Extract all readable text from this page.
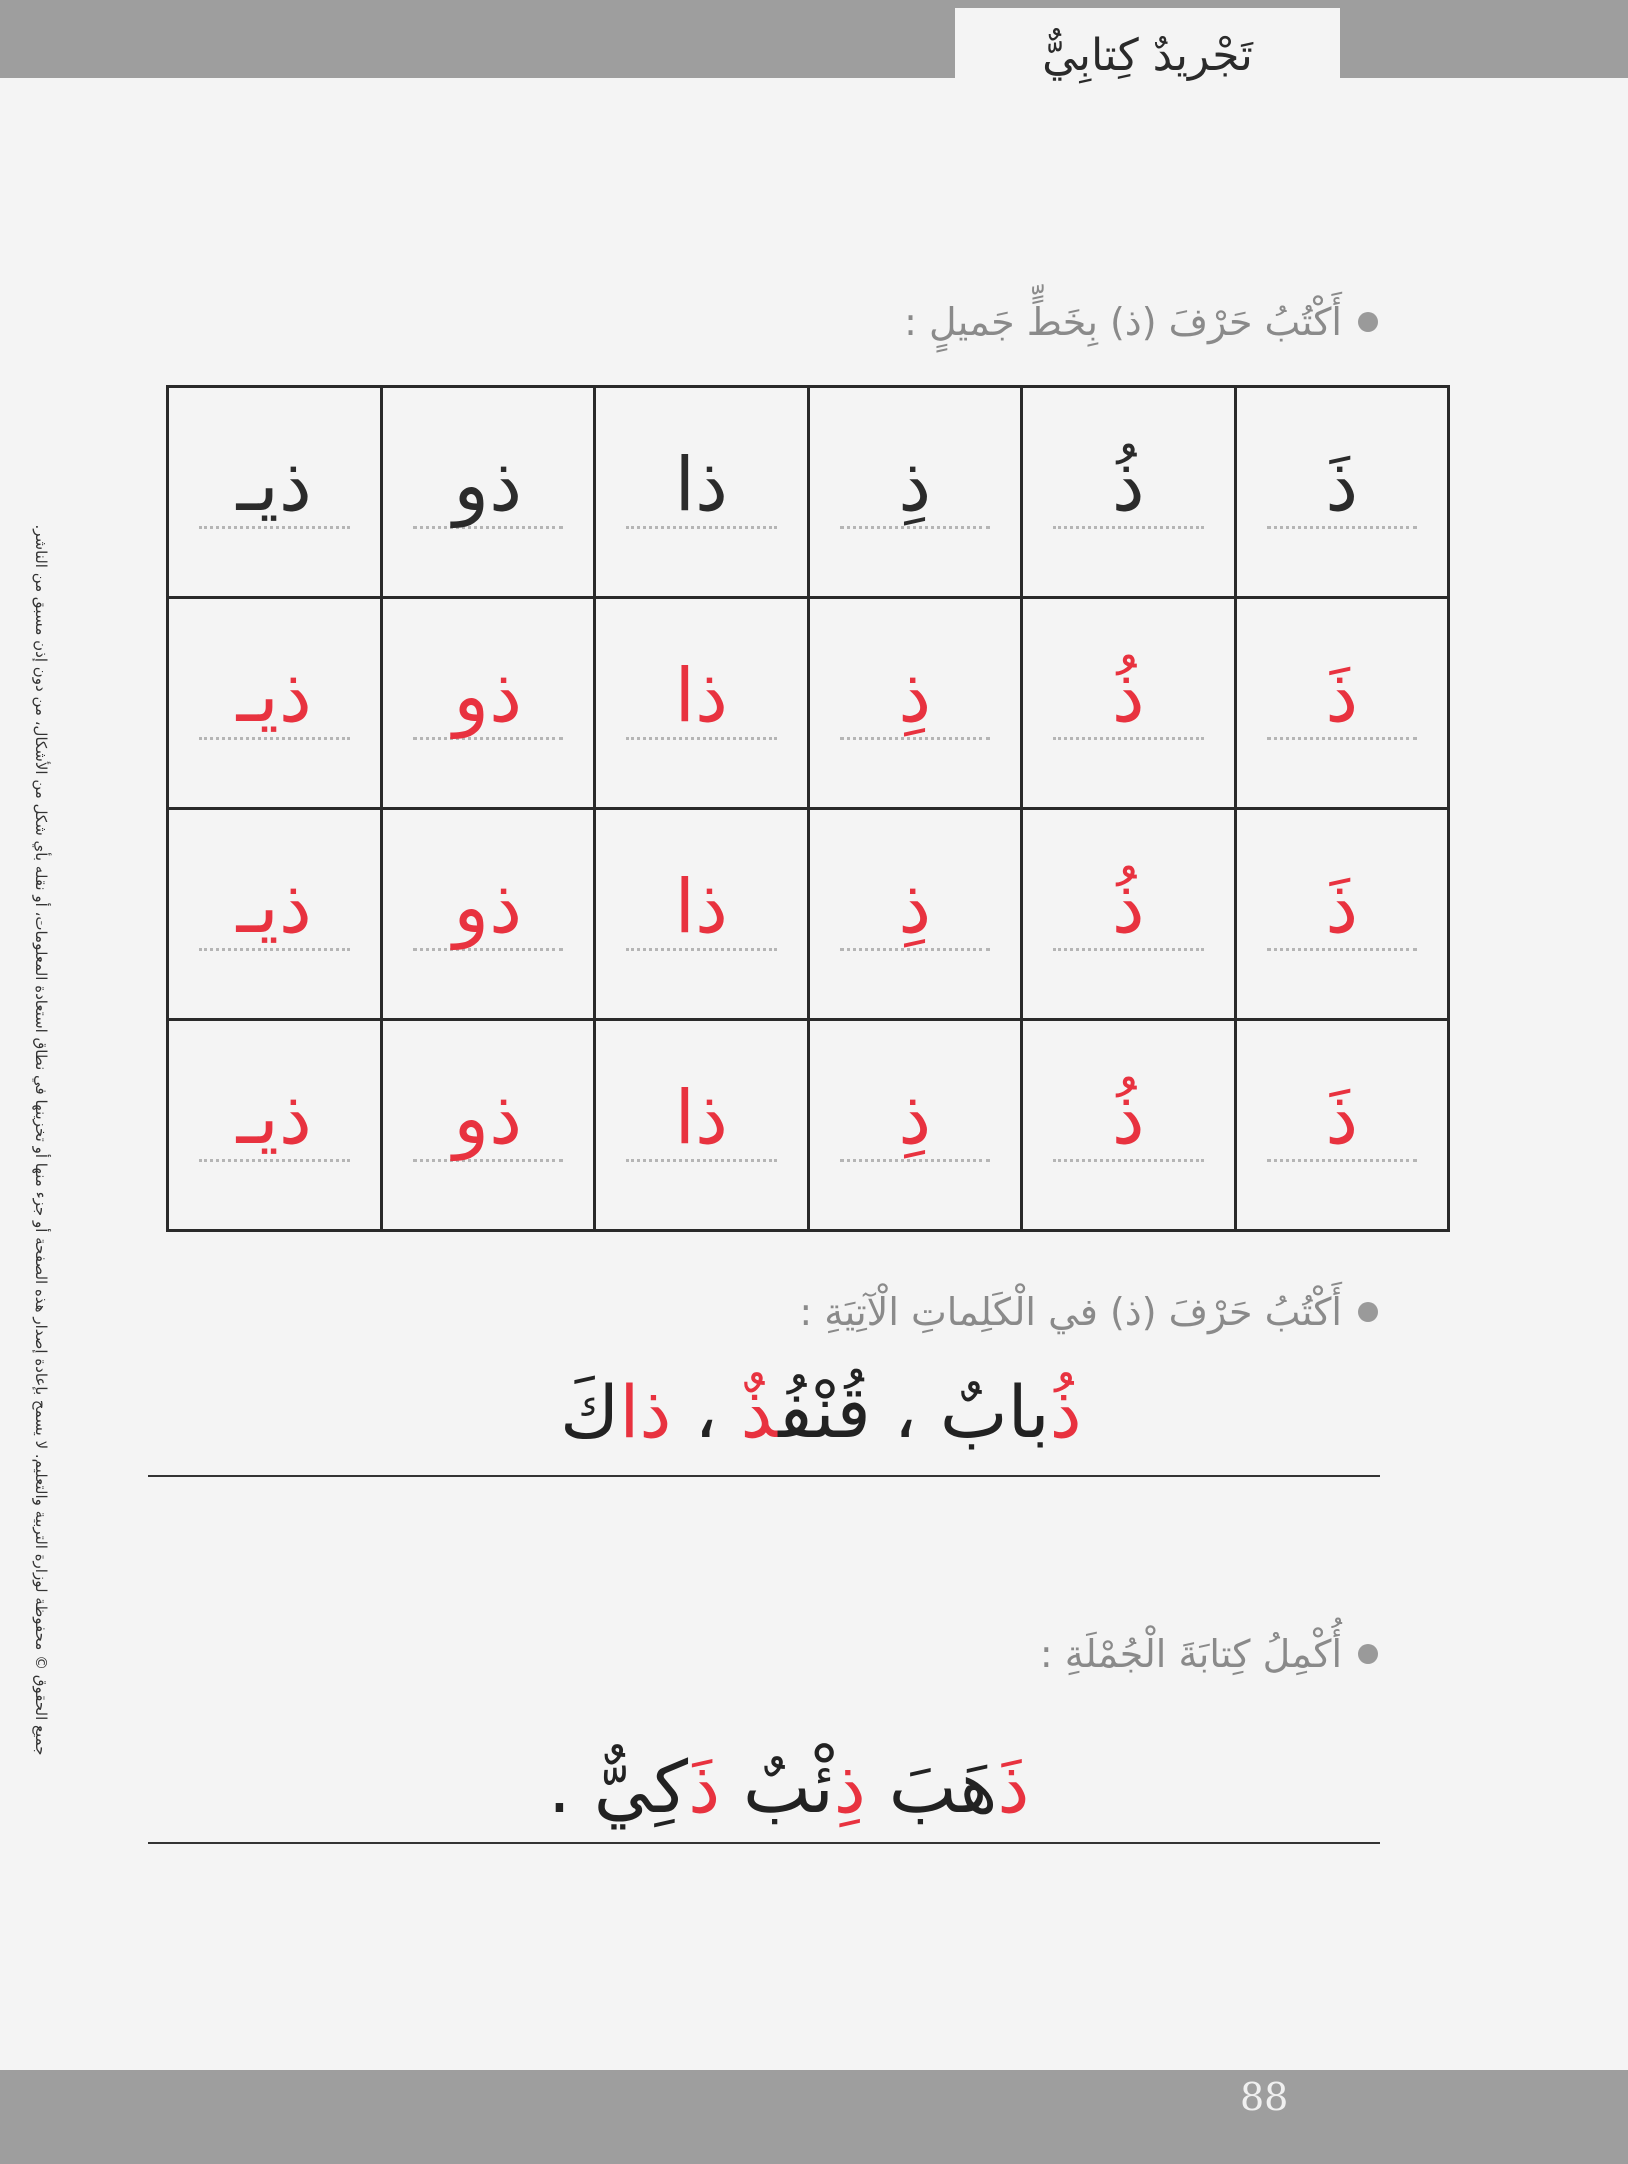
تَجْريدٌ كِتابِيٌّ
جميع الحقوق © محفوظة لوزارة التربية والتعليم. لا يسمح بإعادة إصدار هذه الصفحة أو جزء منها أو تخزينها في نطاق استعادة المعلومات، أو نقله بأي شكل من الأشكال، من دون إذن مسبق من الناشر.
أَكْتُبُ حَرْفَ (ذ) بِخَطٍّ جَميلٍ :
ذَ	ذُ	ذِ	ذا	ذو	ذيـ

ذَ	ذُ	ذِ	ذا	ذو	ذيـ

ذَ	ذُ	ذِ	ذا	ذو	ذيـ

ذَ	ذُ	ذِ	ذا	ذو	ذيـ
أَكْتُبُ حَرْفَ (ذ) في الْكَلِماتِ الْآتِيَةِ :
ذُبابٌ ، قُنْفُذٌ ، ذاكَ
أُكْمِلُ كِتابَةَ الْجُمْلَةِ :
ذَهَبَ ذِئْبٌ ذَكِيٌّ .
88
